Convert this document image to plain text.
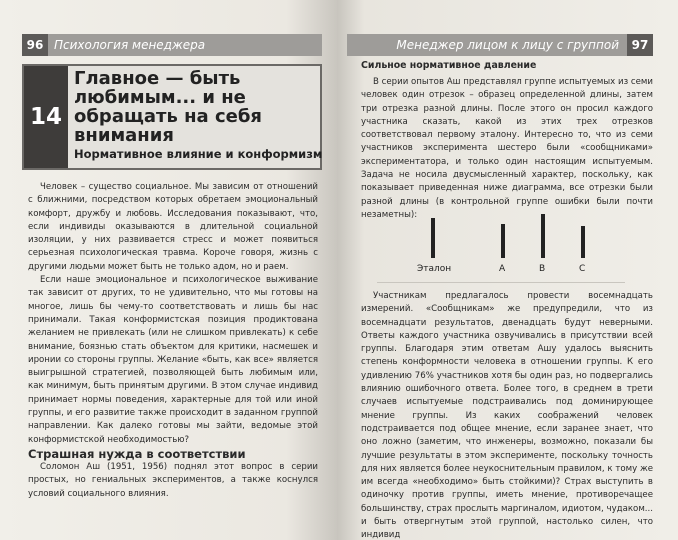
96 Психология менеджера
14
Главное — быть любимым... и не обращать на себя внимания
Нормативное влияние и конформизм

Человек – существо социальное. Мы зависим от отношений с ближними, посредством которых обретаем эмоциональный комфорт, дружбу и любовь. Исследования показывают, что, если индивиды оказываются в длительной социальной изоляции, у них развивается стресс и может появиться серьезная психологическая травма. Короче говоря, жизнь с другими людьми может быть не только адом, но и раем.

Если наше эмоциональное и психологическое выживание так зависит от других, то не удивительно, что мы готовы на многое, лишь бы чему-то соответствовать и лишь бы нас принимали. Такая конформистская позиция продиктована желанием не привлекать (или не слишком привлекать) к себе внимание, боязнью стать объектом для критики, насмешек и иронии со стороны группы. Желание «быть, как все» является выигрышной стратегией, позволяющей быть любимым или, как минимум, быть принятым другими. В этом случае индивид принимает нормы поведения, характерные для той или иной группы, и его развитие также происходит в заданном группой направлении. Как далеко готовы мы зайти, ведомые этой конформистской необходимостью?

Страшная нужда в соответствии

Соломон Аш (1951, 1956) поднял этот вопрос в серии простых, но гениальных экспериментов, а также коснулся условий социального влияния.

Менеджер лицом к лицу с группой	97
Сильное нормативное давление

В серии опытов Аш представлял группе испытуемых из семи человек один отрезок – образец определенной длины, затем три отрезка разной длины. После этого он просил каждого участника сказать, какой из этих трех отрезков соответствовал первому эталону. Интересно то, что из семи участников эксперимента шестеро были «сообщниками» экспериментатора, и только один настоящим испытуемым. Задача не носила двусмысленный характер, поскольку, как показывает приведенная ниже диаграмма, все отрезки были разной длины (в контрольной группе ошибки были почти незаметны):

Эталон	А	В	С

Участникам предлагалось провести восемнадцать измерений. «Сообщникам» же предупредили, что из восемнадцати результатов, двенадцать будут неверными. Ответы каждого участника озвучивались в присутствии всей группы. Благодаря этим ответам Ашу удалось выяснить степень конформности человека в отношении группы. К его удивлению 76% участников хотя бы один раз, но подвергались влиянию ошибочного ответа. Более того, в среднем в трети случаев испытуемые подстраивались под доминирующее мнение группы. Из каких соображений человек подстраивается под общее мнение, если заранее знает, что оно ложно (заметим, что инженеры, возможно, показали бы лучшие результаты в этом эксперименте, поскольку точность для них является более неукоснительным правилом, к тому же им всегда «необходимо» быть стойкими)? Страх выступить в одиночку против группы, иметь мнение, противоречащее большинству, страх прослыть маргиналом, идиотом, чудаком... и быть отвергнутым этой группой, настолько силен, что индивид
